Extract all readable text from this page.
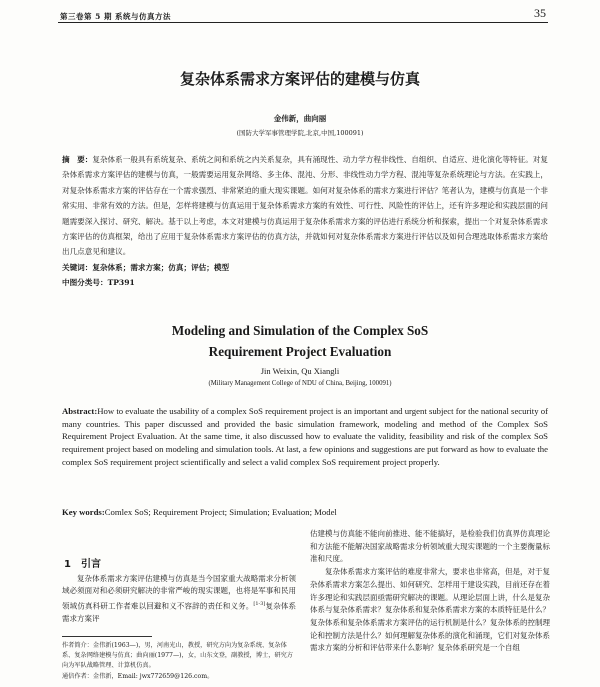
第三卷第 5 期 系统与仿真方法	35
复杂体系需求方案评估的建模与仿真
金伟新，曲向丽
(国防大学军事管理学院,北京,中国,100091)

摘　要：复杂体系一般具有系统复杂、系统之间和系统之内关系复杂，具有涌现性、动力学方程非线性、自组织、自适应、进化演化等特征。对复杂体系需求方案评估的建模与仿真，一般需要运用复杂网络、多主体、混沌、分形、非线性动力学方程、混沌等复杂系统理论与方法。在实践上，对复杂体系需求方案的评估存在一个需求强烈、非常紧迫的重大现实课题。如何对复杂体系的需求方案进行评估？笔者认为，建模与仿真是一个非常实用、非常有效的方法。但是，怎样将建模与仿真运用于复杂体系需求方案的有效性、可行性、风险性的评估上，还有许多理论和实践层面的问题需要深入探讨、研究、解决。基于以上考虑，本文对建模与仿真运用于复杂体系需求方案的评估进行系统分析和探索，提出一个对复杂体系需求方案评估的仿真框架，给出了应用于复杂体系需求方案评估的仿真方法，并就如何对复杂体系需求方案进行评估以及如何合理选取体系需求方案给出几点意见和建议。

关键词：复杂体系；需求方案；仿真；评估；模型

中图分类号：TP391

Modeling and Simulation of the Complex SoS
Requirement Project Evaluation
Jin Weixin, Qu Xiangli
(Military Management College of NDU of China, Beijing, 100091)
Abstract:How to evaluate the usability of a complex SoS requirement project is an important and urgent subject for the national security of many countries. This paper discussed and provided the basic simulation framework, modeling and method of the Complex SoS Requirement Project Evaluation. At the same time, it also discussed how to evaluate the validity, feasibility and risk of the complex SoS requirement project based on modeling and simulation tools. At last, a few opinions and suggestions are put forward as how to evaluate the complex SoS requirement project scientifically and select a valid complex SoS requirement project properly.
Key words:Comlex SoS; Requirement Project; Simulation; Evaluation; Model
1　引言

复杂体系需求方案评估建模与仿真是当今国家重大战略需求分析领域必须面对和必须研究解决的非常严峻的现实课题，也将是军事和民用领域仿真科研工作者难以回避和义不容辞的责任和义务。[1-3]复杂体系需求方案评

作者简介：金伟新(1963—)，男，河南光山，教授，研究方向为复杂系统、复杂体系、复杂网络建模与仿真；曲向丽(1977—)，女，山东文登，副教授，博士，研究方向为军队战略管理、计算机仿真。

通信作者：金伟新，Email: jwx772659@126.com。

估建模与仿真能不能向前推进、能不能搞好，是检验我们仿真界仿真理论和方法能不能解决国家战略需求分析领域重大现实课题的一个主要衡量标准和尺度。

复杂体系需求方案评估的难度非常大，要求也非常高，但是，对于复杂体系需求方案怎么提出、如何研究、怎样用于建设实践，目前还存在着许多理论和实践层面亟需研究解决的课题。从理论层面上讲，什么是复杂体系与复杂体系需求？复杂体系和复杂体系需求方案的本质特征是什么？复杂体系和复杂体系需求方案评估的运行机制是什么？复杂体系的控制理论和控制方法是什么？如何理解复杂体系的演化和涌现，它们对复杂体系需求方案的分析和评估带来什么影响？复杂体系研究是一个自组
